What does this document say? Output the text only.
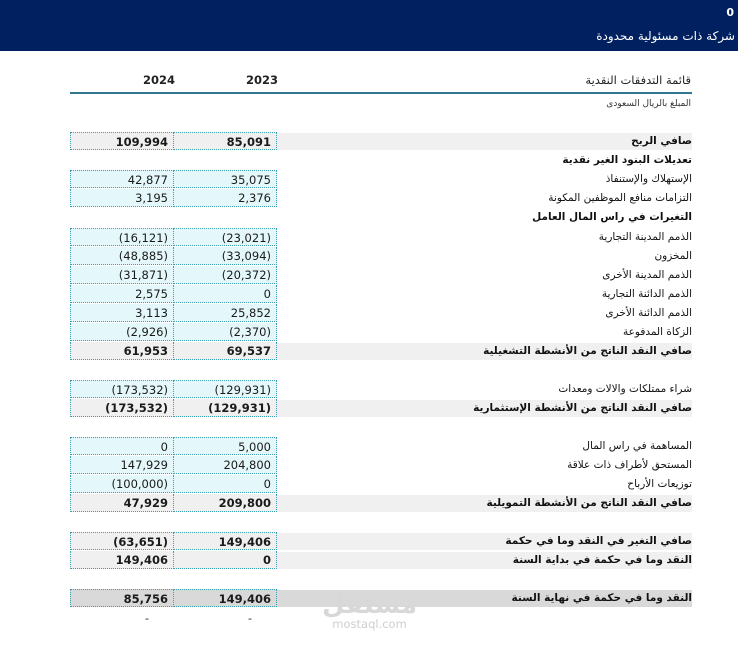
0
شركة ذات مسئولية محدودة
2024	2023	قائمة التدفقات النقدية
المبلغ بالريال السعودى
109,994	85,091	صافي الربح
تعديلات البنود الغير نقدية
42,877	35,075	الإستهلاك والإستنفاذ
3,195	2,376	التزامات منافع الموظفين المكونة
التغيرات في راس المال العامل
(16,121)	(23,021)	الذمم المدينة التجارية
(48,885)	(33,094)	المخزون
(31,871)	(20,372)	الذمم المدينة الأخرى
2,575	0	الذمم الدائنة التجارية
3,113	25,852	الذمم الدائنة الأخرى
(2,926)	(2,370)	الزكاة المدفوعة
61,953	69,537	صافي النقد الناتج من الأنشطة التشغيلية
(173,532)	(129,931)	شراء ممتلكات والالات ومعدات
(173,532)	(129,931)	صافي النقد الناتج من الأنشطة الإستثمارية
0	5,000	المساهمة في راس المال
147,929	204,800	المستحق لأطراف ذات علاقة
(100,000)	0	توزيعات الأرباح
47,929	209,800	صافي النقد الناتج من الأنشطة التمويلية
(63,651)	149,406	صافي التغير في النقد وما في حكمة
149,406	0	النقد وما في حكمة في بداية السنة
85,756	149,406	النقد وما في حكمة في نهاية السنة
-	-	مستقل
mostaql.com
